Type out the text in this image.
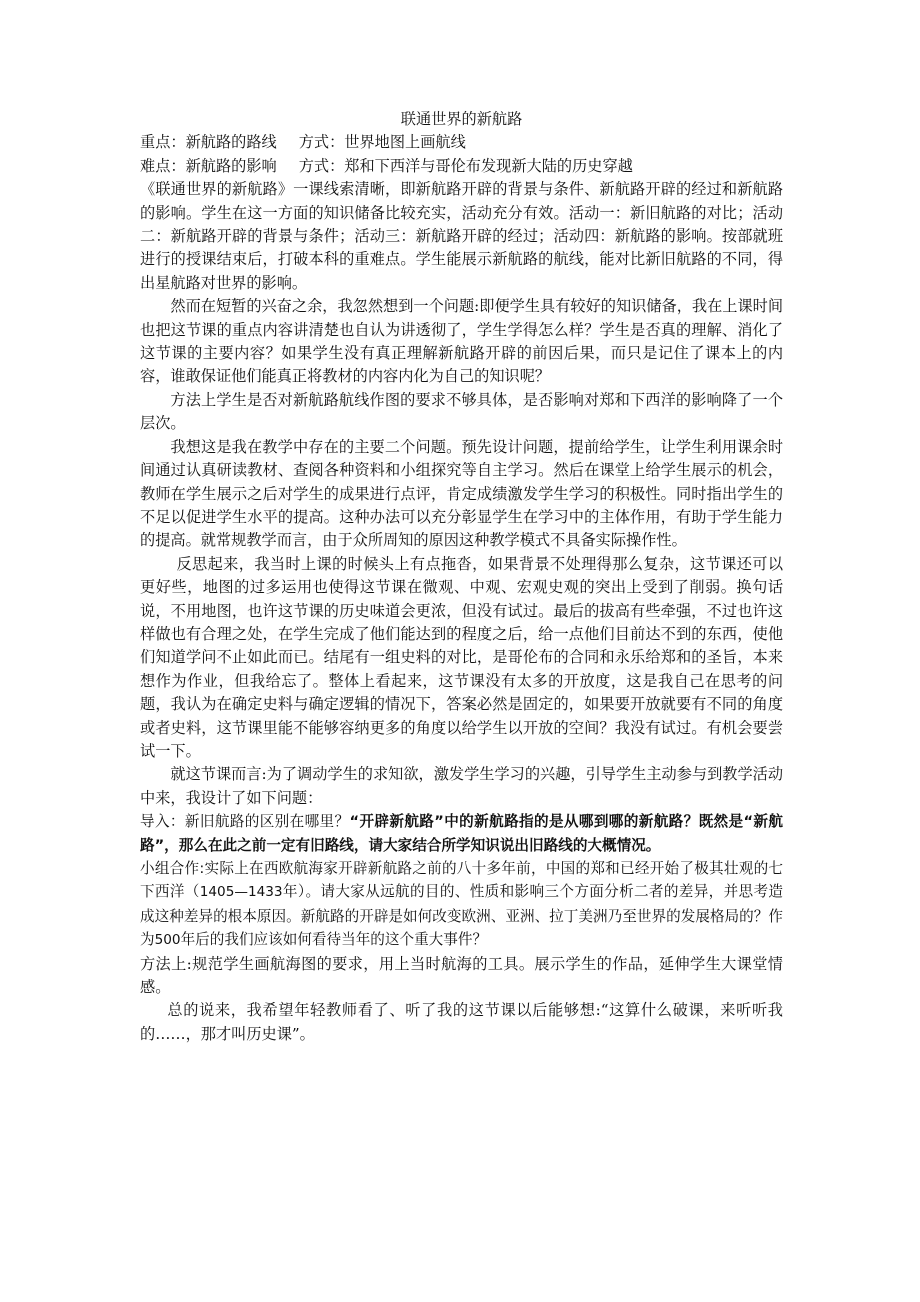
联通世界的新航路
重点：新航路的路线 方式：世界地图上画航线
难点：新航路的影响 方式：郑和下西洋与哥伦布发现新大陆的历史穿越

《联通世界的新航路》一课线索清晰，即新航路开辟的背景与条件、新航路开辟的经过和新航路的影响。学生在这一方面的知识储备比较充实，活动充分有效。活动一：新旧航路的对比；活动二：新航路开辟的背景与条件；活动三：新航路开辟的经过；活动四：新航路的影响。按部就班进行的授课结束后，打破本科的重难点。学生能展示新航路的航线，能对比新旧航路的不同，得出星航路对世界的影响。

然而在短暂的兴奋之余，我忽然想到一个问题:即便学生具有较好的知识储备，我在上课时间也把这节课的重点内容讲清楚也自认为讲透彻了，学生学得怎么样？学生是否真的理解、消化了这节课的主要内容？如果学生没有真正理解新航路开辟的前因后果，而只是记住了课本上的内容，谁敢保证他们能真正将教材的内容内化为自己的知识呢？

方法上学生是否对新航路航线作图的要求不够具体，是否影响对郑和下西洋的影响降了一个层次。

我想这是我在教学中存在的主要二个问题。预先设计问题，提前给学生，让学生利用课余时间通过认真研读教材、查阅各种资料和小组探究等自主学习。然后在课堂上给学生展示的机会，教师在学生展示之后对学生的成果进行点评，肯定成绩激发学生学习的积极性。同时指出学生的不足以促进学生水平的提高。这种办法可以充分彰显学生在学习中的主体作用，有助于学生能力的提高。就常规教学而言，由于众所周知的原因这种教学模式不具备实际操作性。

反思起来，我当时上课的时候头上有点拖沓，如果背景不处理得那么复杂，这节课还可以更好些，地图的过多运用也使得这节课在微观、中观、宏观史观的突出上受到了削弱。换句话说，不用地图，也许这节课的历史味道会更浓，但没有试过。最后的拔高有些牵强，不过也许这样做也有合理之处，在学生完成了他们能达到的程度之后，给一点他们目前达不到的东西，使他们知道学问不止如此而已。结尾有一组史料的对比，是哥伦布的合同和永乐给郑和的圣旨，本来想作为作业，但我给忘了。整体上看起来，这节课没有太多的开放度，这是我自己在思考的问题，我认为在确定史料与确定逻辑的情况下，答案必然是固定的，如果要开放就要有不同的角度或者史料，这节课里能不能够容纳更多的角度以给学生以开放的空间？我没有试过。有机会要尝试一下。

就这节课而言:为了调动学生的求知欲，激发学生学习的兴趣，引导学生主动参与到教学活动中来，我设计了如下问题：

导入：新旧航路的区别在哪里？“开辟新航路”中的新航路指的是从哪到哪的新航路？既然是“新航路”，那么在此之前一定有旧路线，请大家结合所学知识说出旧路线的大概情况。

小组合作:实际上在西欧航海家开辟新航路之前的八十多年前，中国的郑和已经开始了极其壮观的七下西洋（1405—1433年）。请大家从远航的目的、性质和影响三个方面分析二者的差异，并思考造成这种差异的根本原因。新航路的开辟是如何改变欧洲、亚洲、拉丁美洲乃至世界的发展格局的？作为500年后的我们应该如何看待当年的这个重大事件？

方法上:规范学生画航海图的要求，用上当时航海的工具。展示学生的作品，延伸学生大课堂情感。

总的说来，我希望年轻教师看了、听了我的这节课以后能够想:“这算什么破课，来听听我的……，那才叫历史课”。
